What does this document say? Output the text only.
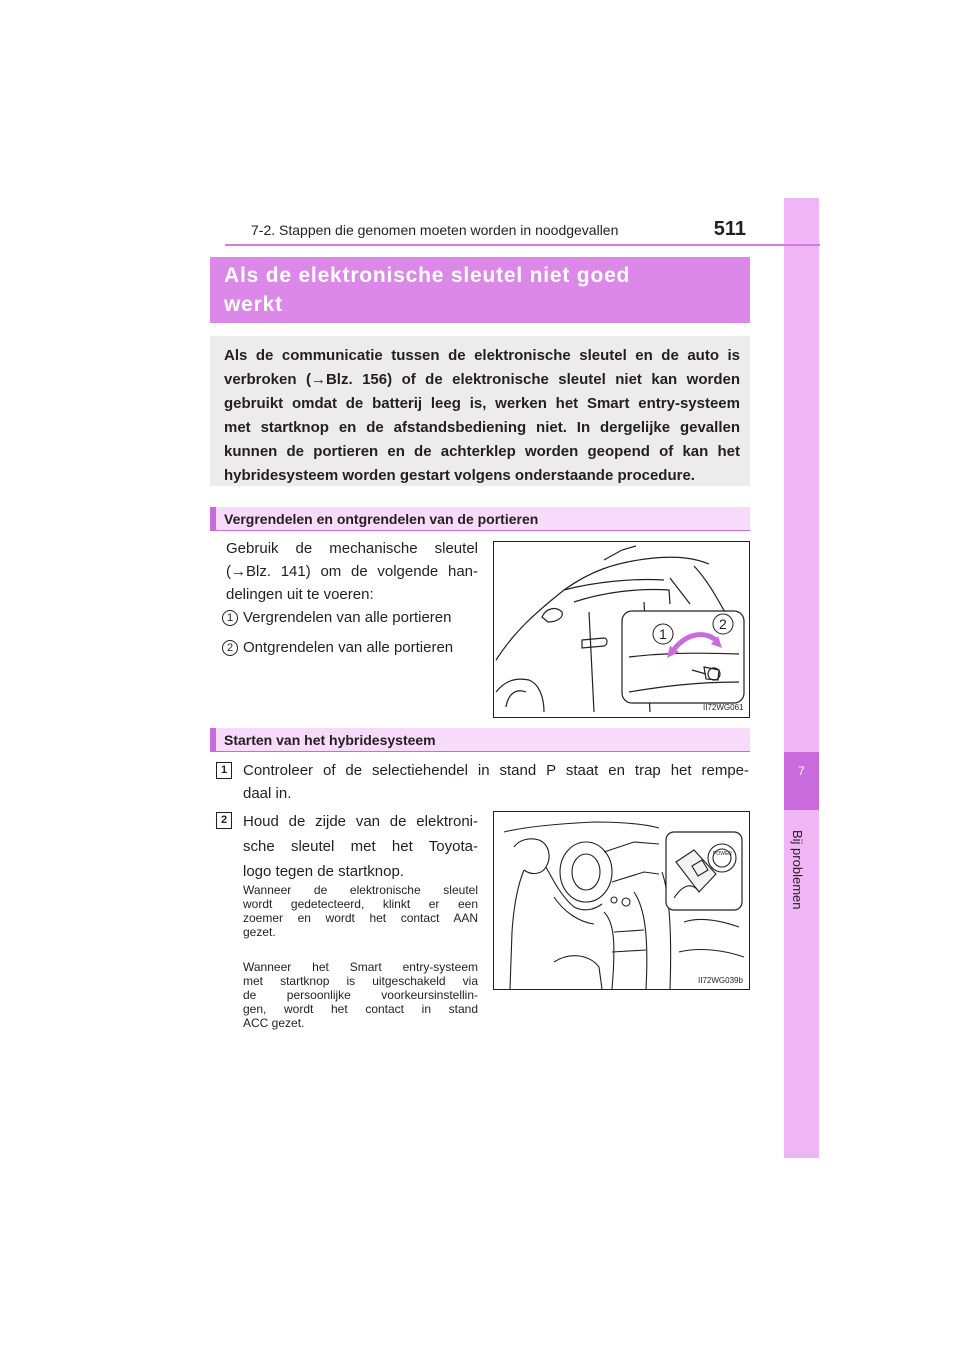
7
Bij problemen
7-2. Stappen die genomen moeten worden in noodgevallen	511
Als de elektronische sleutel niet goed
werkt
Als de communicatie tussen de elektronische sleutel en de auto is
verbroken (→Blz. 156) of de elektronische sleutel niet kan worden
gebruikt omdat de batterij leeg is, werken het Smart entry-systeem
met startknop en de afstandsbediening niet. In dergelijke gevallen
kunnen de portieren en de achterklep worden geopend of kan het
hybridesysteem worden gestart volgens onderstaande procedure.
Vergrendelen en ontgrendelen van de portieren
Gebruik de mechanische sleutel
(→Blz. 141) om de volgende han-
delingen uit te voeren:
1 Vergrendelen van alle portieren
2 Ontgrendelen van alle portieren
1
2
II72WG061
Starten van het hybridesysteem
1	Controleer of de selectiehendel in stand P staat en trap het rempe-
daal in.
2	Houd de zijde van de elektroni-
sche sleutel met het Toyota-
logo tegen de startknop.
Wanneer de elektronische sleutel
wordt gedetecteerd, klinkt er een
zoemer en wordt het contact AAN
gezet.
Wanneer het Smart entry-systeem
met startknop is uitgeschakeld via
de persoonlijke voorkeursinstellin-
gen, wordt het contact in stand
ACC gezet.
POWER
II72WG039b
